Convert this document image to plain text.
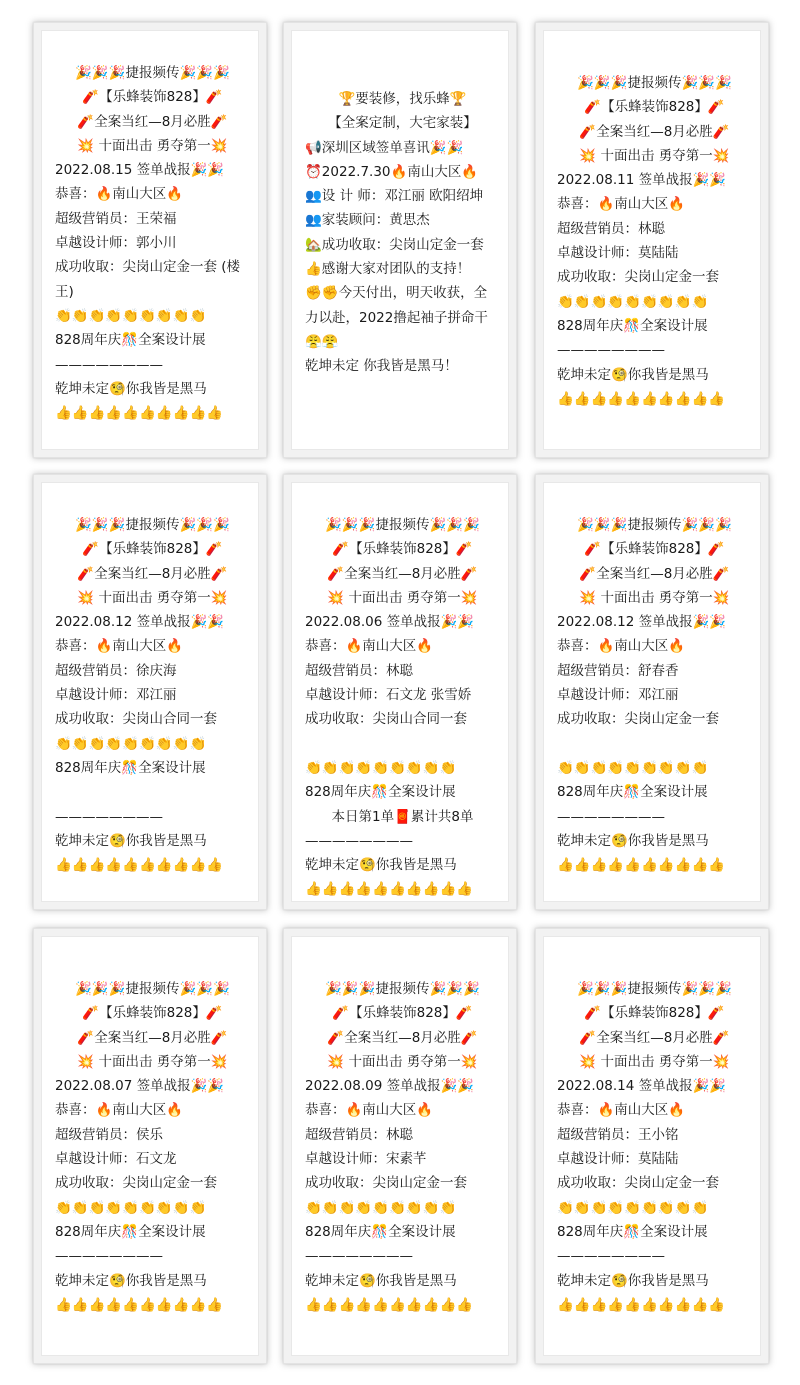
🎉🎉🎉捷报频传🎉🎉🎉
🧨【乐蜂装饰828】🧨
🧨全案当红—8月必胜🧨
💥 十面出击 勇夺第一💥
2022.08.15 签单战报🎉🎉
恭喜：🔥南山大区🔥
超级营销员：王荣福
卓越设计师：郭小川
成功收取：尖岗山定金一套 (楼王)
👏👏👏👏👏👏👏👏👏
828周年庆🎊全案设计展
————————
乾坤未定🧐你我皆是黑马
👍👍👍👍👍👍👍👍👍👍
🏆要装修，找乐蜂🏆
【全案定制，大宅家装】
📢深圳区域签单喜讯🎉🎉
⏰2022.7.30🔥南山大区🔥
👥设 计 师：邓江丽 欧阳绍坤
👥家装顾问：黄思杰
🏡成功收取：尖岗山定金一套
👍感谢大家对团队的支持！
✊✊今天付出，明天收获，全力以赴，2022撸起袖子拼命干
😤😤
乾坤未定 你我皆是黑马！
🎉🎉🎉捷报频传🎉🎉🎉
🧨【乐蜂装饰828】🧨
🧨全案当红—8月必胜🧨
💥 十面出击 勇夺第一💥
2022.08.11 签单战报🎉🎉
恭喜：🔥南山大区🔥
超级营销员：林聪
卓越设计师：莫陆陆
成功收取：尖岗山定金一套
👏👏👏👏👏👏👏👏👏
828周年庆🎊全案设计展
————————
乾坤未定🧐你我皆是黑马
👍👍👍👍👍👍👍👍👍👍
🎉🎉🎉捷报频传🎉🎉🎉
🧨【乐蜂装饰828】🧨
🧨全案当红—8月必胜🧨
💥 十面出击 勇夺第一💥
2022.08.12 签单战报🎉🎉
恭喜：🔥南山大区🔥
超级营销员：徐庆海
卓越设计师：邓江丽
成功收取：尖岗山合同一套
👏👏👏👏👏👏👏👏👏
828周年庆🎊全案设计展
————————
乾坤未定🧐你我皆是黑马
👍👍👍👍👍👍👍👍👍👍
🎉🎉🎉捷报频传🎉🎉🎉
🧨【乐蜂装饰828】🧨
🧨全案当红—8月必胜🧨
💥 十面出击 勇夺第一💥
2022.08.06 签单战报🎉🎉
恭喜：🔥南山大区🔥
超级营销员：林聪
卓越设计师：石文龙 张雪娇
成功收取：尖岗山合同一套
👏👏👏👏👏👏👏👏👏
828周年庆🎊全案设计展
本日第1单🧧累计共8单
————————
乾坤未定🧐你我皆是黑马
👍👍👍👍👍👍👍👍👍👍
🎉🎉🎉捷报频传🎉🎉🎉
🧨【乐蜂装饰828】🧨
🧨全案当红—8月必胜🧨
💥 十面出击 勇夺第一💥
2022.08.12 签单战报🎉🎉
恭喜：🔥南山大区🔥
超级营销员：舒春香
卓越设计师：邓江丽
成功收取：尖岗山定金一套
👏👏👏👏👏👏👏👏👏
828周年庆🎊全案设计展
————————
乾坤未定🧐你我皆是黑马
👍👍👍👍👍👍👍👍👍👍
🎉🎉🎉捷报频传🎉🎉🎉
🧨【乐蜂装饰828】🧨
🧨全案当红—8月必胜🧨
💥 十面出击 勇夺第一💥
2022.08.07 签单战报🎉🎉
恭喜：🔥南山大区🔥
超级营销员：侯乐
卓越设计师：石文龙
成功收取：尖岗山定金一套
👏👏👏👏👏👏👏👏👏
828周年庆🎊全案设计展
————————
乾坤未定🧐你我皆是黑马
👍👍👍👍👍👍👍👍👍👍
🎉🎉🎉捷报频传🎉🎉🎉
🧨【乐蜂装饰828】🧨
🧨全案当红—8月必胜🧨
💥 十面出击 勇夺第一💥
2022.08.09 签单战报🎉🎉
恭喜：🔥南山大区🔥
超级营销员：林聪
卓越设计师：宋素芊
成功收取：尖岗山定金一套
👏👏👏👏👏👏👏👏👏
828周年庆🎊全案设计展
————————
乾坤未定🧐你我皆是黑马
👍👍👍👍👍👍👍👍👍👍
🎉🎉🎉捷报频传🎉🎉🎉
🧨【乐蜂装饰828】🧨
🧨全案当红—8月必胜🧨
💥 十面出击 勇夺第一💥
2022.08.14 签单战报🎉🎉
恭喜：🔥南山大区🔥
超级营销员：王小铭
卓越设计师：莫陆陆
成功收取：尖岗山定金一套
👏👏👏👏👏👏👏👏👏
828周年庆🎊全案设计展
————————
乾坤未定🧐你我皆是黑马
👍👍👍👍👍👍👍👍👍👍
